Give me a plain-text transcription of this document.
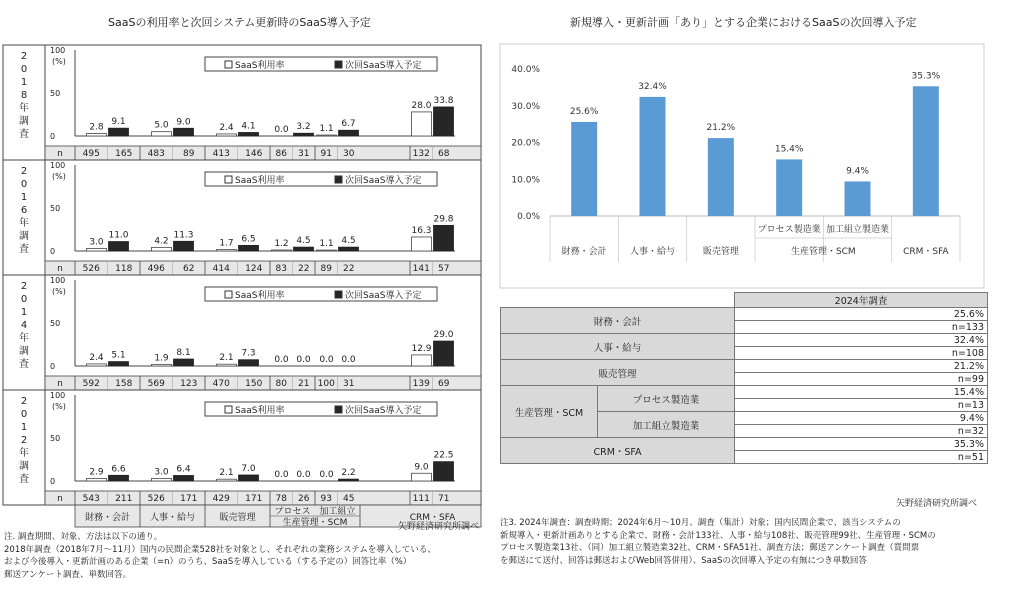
SaaSの利用率と次回システム更新時のSaaS導入予定	新規導入・更新計画「あり」とする企業におけるSaaSの次回導入予定
2
0
1
8
年
調
査	0
50
100
(%)	SaaS利用率	次回SaaS導入予定
2.8
9.1	5.0 9.0
2.4 4.1 0.0 3.2 1.1 6.7
28.0 33.8
n 495 165 483 89 413 146 86 31 91 30	132 68
2
0
1
6
年
調
査	0
50
100
(%)	SaaS利用率	次回SaaS導入予定
3.0
11.0
4.2
11.3
1.7 6.5 1.2 4.5 1.1 4.5
16.3
29.8
n 526 118 496 62 414 124 83 22 89 22	141 57
2
0
1
4
年
調
査	0
50
100
(%)	SaaS利用率	次回SaaS導入予定
2.4 5.1	1.9
8.1
2.1 7.3
0.0 0.0 0.0 0.0
12.9
29.0
n 592 158 569 123 470 150 80 21 100 31	139 69
2
0
1
2
年
調
査	0
50
100
(%)	SaaS利用率	次回SaaS導入予定
2.9 6.6	3.0 6.4	2.1 7.0
0.0 0.0 0.0 2.2
9.0
22.5
n 543 211 526 171 429 171 78 26 93 45	111 71
財務・会計 人事・給与	販売管理
プロセス 加工組立
CRM・SFA
生産管理・SCM
0.0%
10.0%
20.0%
30.0%
40.0%
25.6%
財務・会計
32.4%
人事・給与
21.2%
販売管理
15.4%
プロセス製造業
9.4%
加工組立製造業
35.3%
CRM・SFA
生産管理・SCM
		2024年調査
財務・会計		25.6%
		n=133
人事・給与		32.4%
		n=108
販売管理		21.2%
		n=99
生産管理・SCM	プロセス製造業	15.4%
		n=13
	加工組立製造業	9.4%
		n=32
CRM・SFA		35.3%
		n=51
矢野経済研究所調べ
矢野経済研究所調べ
注. 調査期間、対象、方法は以下の通り。
2018年調査（2018年7月～11月）国内の民間企業528社を対象とし、それぞれの業務システムを導入している、
および今後導入・更新計画のある企業（=n）のうち、SaaSを導入している（する予定の）回答比率（%）
郵送アンケート調査、単数回答。
注3. 2024年調査：調査時期；2024年6月～10月、調査（集計）対象；国内民間企業で、該当システムの
新規導入・更新計画ありとする企業で、財務・会計133社、人事・給与108社、販売管理99社、生産管理・SCMの
プロセス製造業13社、（同）加工組立製造業32社、CRM・SFA51社、調査方法；郵送アンケート調査（質問票
を郵送にて送付、回答は郵送およびWeb回答併用）、SaaSの次回導入予定の有無につき単数回答
